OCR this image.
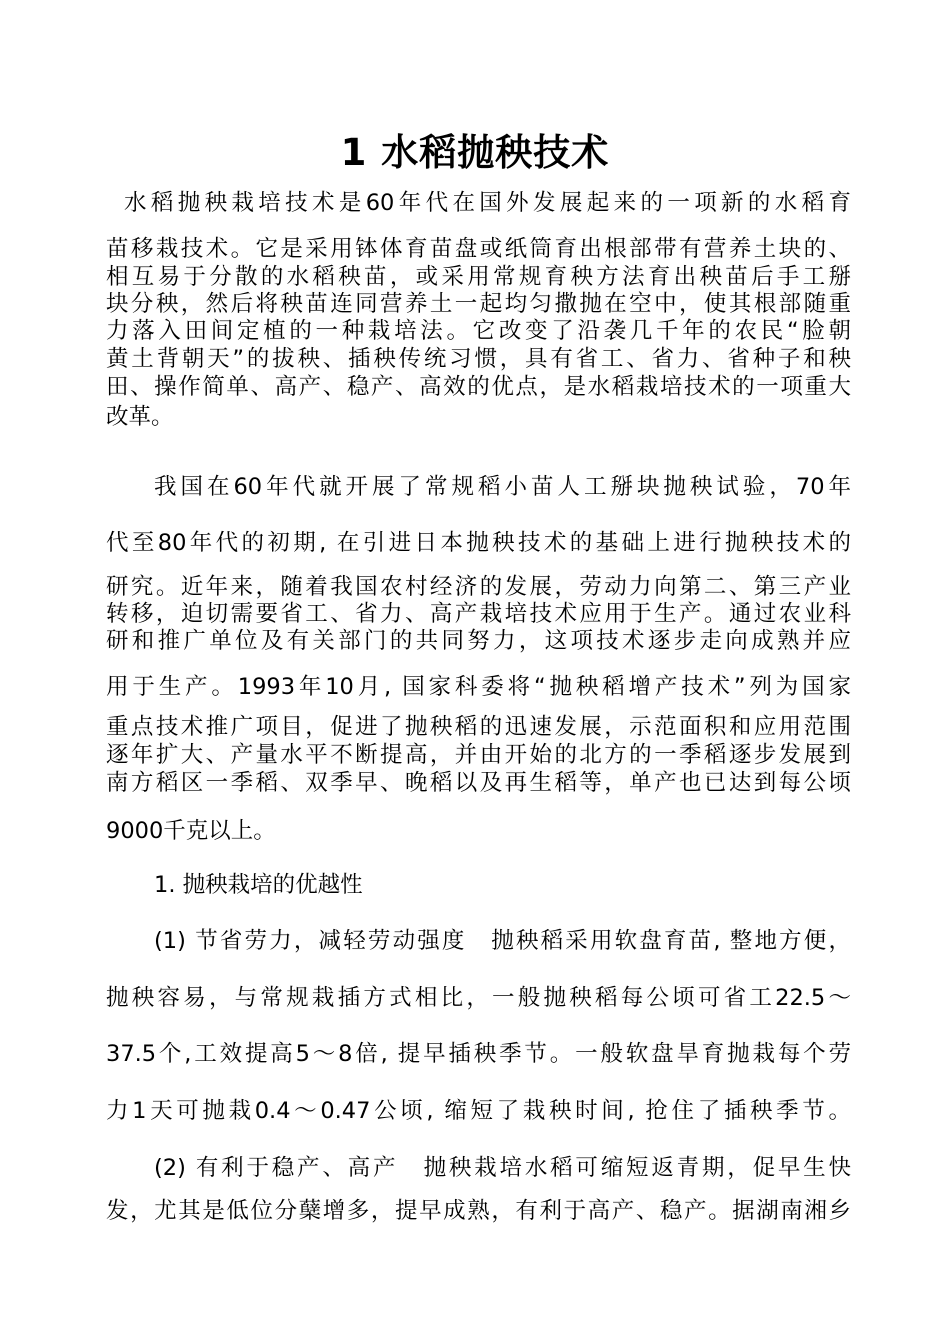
1 水稻抛秧技术

水稻抛秧栽培技术是60年代在国外发展起来的一项新的水稻育

苗移栽技术。它是采用钵体育苗盘或纸筒育出根部带有营养土块的、

相互易于分散的水稻秧苗，或采用常规育秧方法育出秧苗后手工掰

块分秧，然后将秧苗连同营养土一起均匀撒抛在空中，使其根部随重

力落入田间定植的一种栽培法。它改变了沿袭几千年的农民“脸朝

黄土背朝天”的拔秧、插秧传统习惯，具有省工、省力、省种子和秧

田、操作简单、高产、稳产、高效的优点，是水稻栽培技术的一项重大

改革。

我国在60年代就开展了常规稻小苗人工掰块抛秧试验，70年

代至80年代的初期, 在引进日本抛秧技术的基础上进行抛秧技术的

研究。近年来，随着我国农村经济的发展，劳动力向第二、第三产业

转移，迫切需要省工、省力、高产栽培技术应用于生产。通过农业科

研和推广单位及有关部门的共同努力，这项技术逐步走向成熟并应

用于生产。1993年10月, 国家科委将“抛秧稻增产技术”列为国家

重点技术推广项目，促进了抛秧稻的迅速发展，示范面积和应用范围

逐年扩大、产量水平不断提高，并由开始的北方的一季稻逐步发展到

南方稻区一季稻、双季早、晚稻以及再生稻等，单产也已达到每公顷

9000千克以上。

1. 抛秧栽培的优越性

(1) 节省劳力，减轻劳动强度　抛秧稻采用软盘育苗, 整地方便，

抛秧容易，与常规栽插方式相比，一般抛秧稻每公顷可省工22.5～

37.5个,工效提高5～8倍, 提早插秧季节。一般软盘旱育抛栽每个劳

力1天可抛栽0.4～0.47公顷, 缩短了栽秧时间, 抢住了插秧季节。

(2) 有利于稳产、高产　抛秧栽培水稻可缩短返青期，促早生快

发，尤其是低位分蘖增多，提早成熟，有利于高产、稳产。据湖南湘乡
